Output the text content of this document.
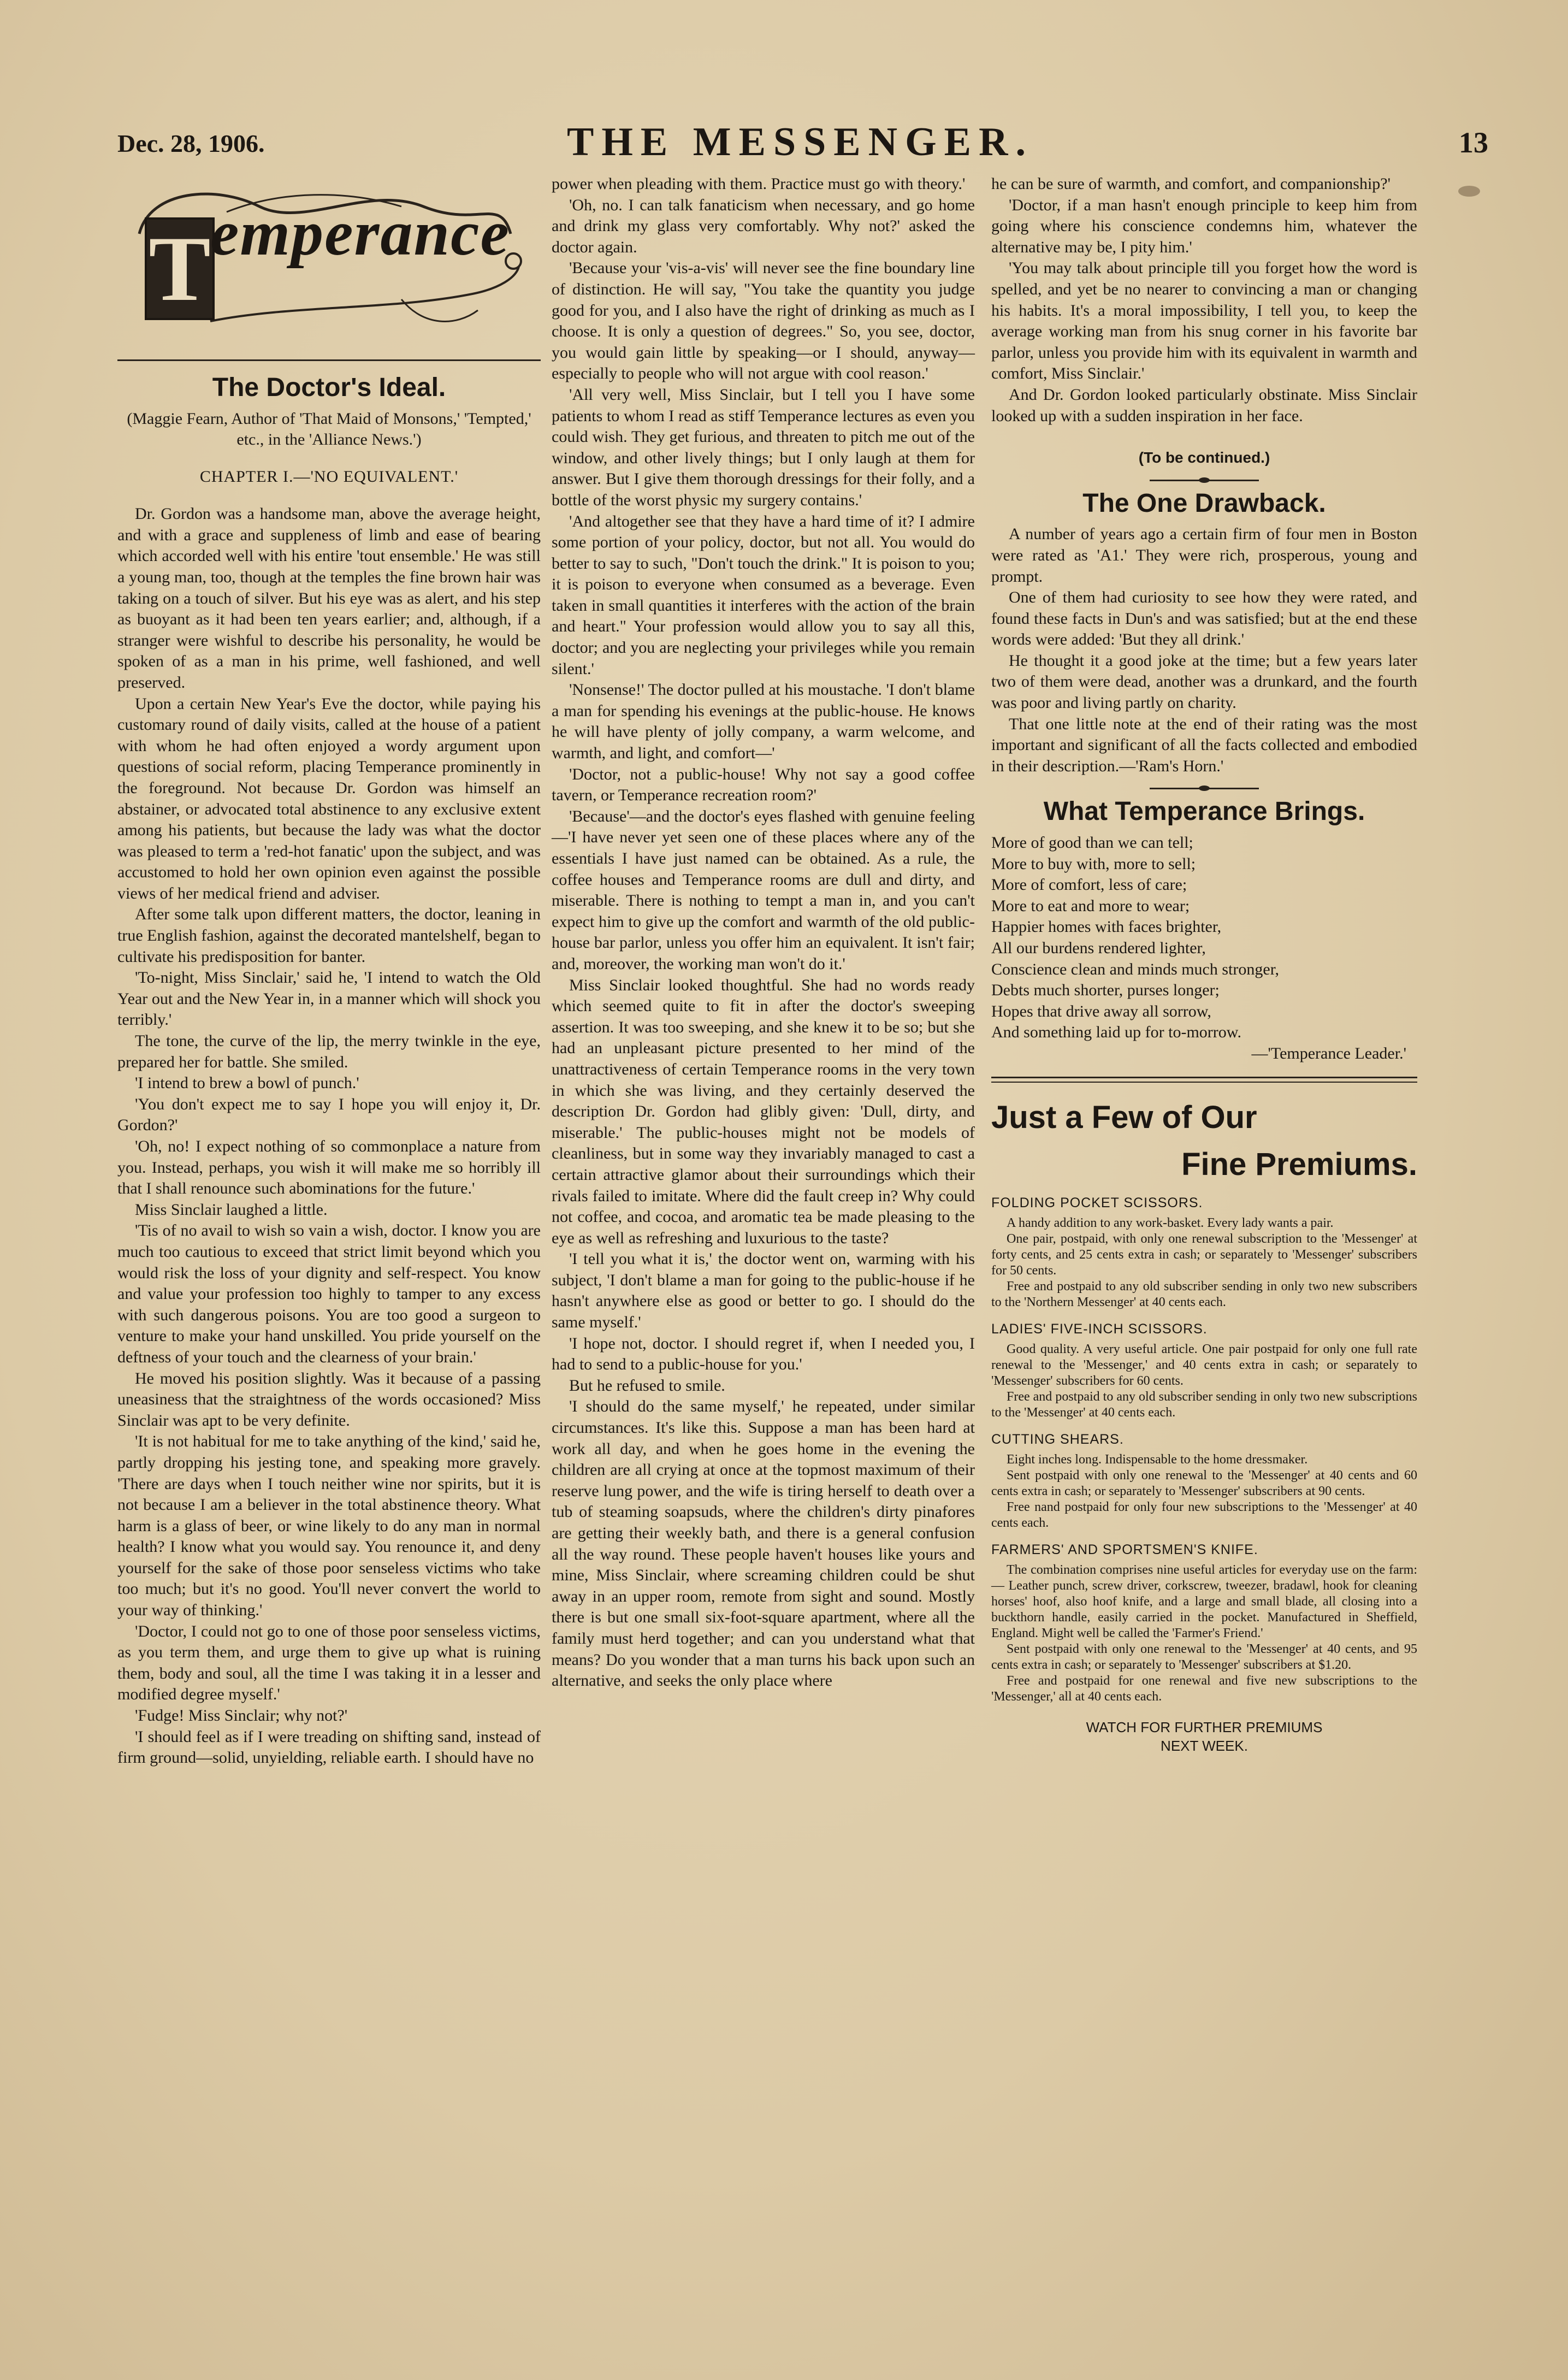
Dec. 28, 1906.	THE MESSENGER.	13
T emperance
The Doctor's Ideal.
(Maggie Fearn, Author of 'That Maid of Monsons,' 'Tempted,' etc., in the 'Alliance News.')
CHAPTER I.—'NO EQUIVALENT.'

Dr. Gordon was a handsome man, above the average height, and with a grace and suppleness of limb and ease of bearing which accorded well with his entire 'tout ensemble.' He was still a young man, too, though at the temples the fine brown hair was taking on a touch of silver. But his eye was as alert, and his step as buoyant as it had been ten years earlier; and, although, if a stranger were wishful to describe his personality, he would be spoken of as a man in his prime, well fashioned, and well preserved.

Upon a certain New Year's Eve the doctor, while paying his customary round of daily visits, called at the house of a patient with whom he had often enjoyed a wordy argument upon questions of social reform, placing Temperance prominently in the foreground. Not because Dr. Gordon was himself an abstainer, or advocated total abstinence to any exclusive extent among his patients, but because the lady was what the doctor was pleased to term a 'red-hot fanatic' upon the subject, and was accustomed to hold her own opinion even against the possible views of her medical friend and adviser.

After some talk upon different matters, the doctor, leaning in true English fashion, against the decorated mantelshelf, began to cultivate his predisposition for banter.

'To-night, Miss Sinclair,' said he, 'I intend to watch the Old Year out and the New Year in, in a manner which will shock you terribly.'

The tone, the curve of the lip, the merry twinkle in the eye, prepared her for battle. She smiled.

'I intend to brew a bowl of punch.'

'You don't expect me to say I hope you will enjoy it, Dr. Gordon?'

'Oh, no! I expect nothing of so commonplace a nature from you. Instead, perhaps, you wish it will make me so horribly ill that I shall renounce such abominations for the future.'

Miss Sinclair laughed a little.

'Tis of no avail to wish so vain a wish, doctor. I know you are much too cautious to exceed that strict limit beyond which you would risk the loss of your dignity and self-respect. You know and value your profession too highly to tamper to any excess with such dangerous poisons. You are too good a surgeon to venture to make your hand unskilled. You pride yourself on the deftness of your touch and the clearness of your brain.'

He moved his position slightly. Was it because of a passing uneasiness that the straightness of the words occasioned? Miss Sinclair was apt to be very definite.

'It is not habitual for me to take anything of the kind,' said he, partly dropping his jesting tone, and speaking more gravely. 'There are days when I touch neither wine nor spirits, but it is not because I am a believer in the total abstinence theory. What harm is a glass of beer, or wine likely to do any man in normal health? I know what you would say. You renounce it, and deny yourself for the sake of those poor senseless victims who take too much; but it's no good. You'll never convert the world to your way of thinking.'

'Doctor, I could not go to one of those poor senseless victims, as you term them, and urge them to give up what is ruining them, body and soul, all the time I was taking it in a lesser and modified degree myself.'

'Fudge! Miss Sinclair; why not?'

'I should feel as if I were treading on shifting sand, instead of firm ground—solid, unyielding, reliable earth. I should have no

power when pleading with them. Practice must go with theory.'

'Oh, no. I can talk fanaticism when necessary, and go home and drink my glass very comfortably. Why not?' asked the doctor again.

'Because your 'vis-a-vis' will never see the fine boundary line of distinction. He will say, "You take the quantity you judge good for you, and I also have the right of drinking as much as I choose. It is only a question of degrees." So, you see, doctor, you would gain little by speaking—or I should, anyway—especially to people who will not argue with cool reason.'

'All very well, Miss Sinclair, but I tell you I have some patients to whom I read as stiff Temperance lectures as even you could wish. They get furious, and threaten to pitch me out of the window, and other lively things; but I only laugh at them for answer. But I give them thorough dressings for their folly, and a bottle of the worst physic my surgery contains.'

'And altogether see that they have a hard time of it? I admire some portion of your policy, doctor, but not all. You would do better to say to such, "Don't touch the drink." It is poison to you; it is poison to everyone when consumed as a beverage. Even taken in small quantities it interferes with the action of the brain and heart." Your profession would allow you to say all this, doctor; and you are neglecting your privileges while you remain silent.'

'Nonsense!' The doctor pulled at his moustache. 'I don't blame a man for spending his evenings at the public-house. He knows he will have plenty of jolly company, a warm welcome, and warmth, and light, and comfort—'

'Doctor, not a public-house! Why not say a good coffee tavern, or Temperance recreation room?'

'Because'—and the doctor's eyes flashed with genuine feeling—'I have never yet seen one of these places where any of the essentials I have just named can be obtained. As a rule, the coffee houses and Temperance rooms are dull and dirty, and miserable. There is nothing to tempt a man in, and you can't expect him to give up the comfort and warmth of the old public-house bar parlor, unless you offer him an equivalent. It isn't fair; and, moreover, the working man won't do it.'

Miss Sinclair looked thoughtful. She had no words ready which seemed quite to fit in after the doctor's sweeping assertion. It was too sweeping, and she knew it to be so; but she had an unpleasant picture presented to her mind of the unattractiveness of certain Temperance rooms in the very town in which she was living, and they certainly deserved the description Dr. Gordon had glibly given: 'Dull, dirty, and miserable.' The public-houses might not be models of cleanliness, but in some way they invariably managed to cast a certain attractive glamor about their surroundings which their rivals failed to imitate. Where did the fault creep in? Why could not coffee, and cocoa, and aromatic tea be made pleasing to the eye as well as refreshing and luxurious to the taste?

'I tell you what it is,' the doctor went on, warming with his subject, 'I don't blame a man for going to the public-house if he hasn't anywhere else as good or better to go. I should do the same myself.'

'I hope not, doctor. I should regret if, when I needed you, I had to send to a public-house for you.'

But he refused to smile.

'I should do the same myself,' he repeated, under similar circumstances. It's like this. Suppose a man has been hard at work all day, and when he goes home in the evening the children are all crying at once at the topmost maximum of their reserve lung power, and the wife is tiring herself to death over a tub of steaming soapsuds, where the children's dirty pinafores are getting their weekly bath, and there is a general confusion all the way round. These people haven't houses like yours and mine, Miss Sinclair, where screaming children could be shut away in an upper room, remote from sight and sound. Mostly there is but one small six-foot-square apartment, where all the family must herd together; and can you understand what that means? Do you wonder that a man turns his back upon such an alternative, and seeks the only place where

he can be sure of warmth, and comfort, and companionship?'

'Doctor, if a man hasn't enough principle to keep him from going where his conscience condemns him, whatever the alternative may be, I pity him.'

'You may talk about principle till you forget how the word is spelled, and yet be no nearer to convincing a man or changing his habits. It's a moral impossibility, I tell you, to keep the average working man from his snug corner in his favorite bar parlor, unless you provide him with its equivalent in warmth and comfort, Miss Sinclair.'

And Dr. Gordon looked particularly obstinate. Miss Sinclair looked up with a sudden inspiration in her face.

(To be continued.)
The One Drawback.

A number of years ago a certain firm of four men in Boston were rated as 'A1.' They were rich, prosperous, young and prompt.

One of them had curiosity to see how they were rated, and found these facts in Dun's and was satisfied; but at the end these words were added: 'But they all drink.'

He thought it a good joke at the time; but a few years later two of them were dead, another was a drunkard, and the fourth was poor and living partly on charity.

That one little note at the end of their rating was the most important and significant of all the facts collected and embodied in their description.—'Ram's Horn.'

What Temperance Brings.
More of good than we can tell;
More to buy with, more to sell;
More of comfort, less of care;
More to eat and more to wear;
Happier homes with faces brighter,
All our burdens rendered lighter,
Conscience clean and minds much stronger,
Debts much shorter, purses longer;
Hopes that drive away all sorrow,
And something laid up for to-morrow.
—'Temperance Leader.'
Just a Few of Our
Fine Premiums.
FOLDING POCKET SCISSORS.

A handy addition to any work-basket. Every lady wants a pair.

One pair, postpaid, with only one renewal subscription to the 'Messenger' at forty cents, and 25 cents extra in cash; or separately to 'Messenger' subscribers for 50 cents.

Free and postpaid to any old subscriber sending in only two new subscribers to the 'Northern Messenger' at 40 cents each.

LADIES' FIVE-INCH SCISSORS.

Good quality. A very useful article. One pair postpaid for only one full rate renewal to the 'Messenger,' and 40 cents extra in cash; or separately to 'Messenger' subscribers for 60 cents.

Free and postpaid to any old subscriber sending in only two new subscriptions to the 'Messenger' at 40 cents each.

CUTTING SHEARS.

Eight inches long. Indispensable to the home dressmaker.

Sent postpaid with only one renewal to the 'Messenger' at 40 cents and 60 cents extra in cash; or separately to 'Messenger' subscribers at 90 cents.

Free nand postpaid for only four new subscriptions to the 'Messenger' at 40 cents each.

FARMERS' AND SPORTSMEN'S KNIFE.

The combination comprises nine useful articles for everyday use on the farm: — Leather punch, screw driver, corkscrew, tweezer, bradawl, hook for cleaning horses' hoof, also hoof knife, and a large and small blade, all closing into a buckthorn handle, easily carried in the pocket. Manufactured in Sheffield, England. Might well be called the 'Farmer's Friend.'

Sent postpaid with only one renewal to the 'Messenger' at 40 cents, and 95 cents extra in cash; or separately to 'Messenger' subscribers at $1.20.

Free and postpaid for one renewal and five new subscriptions to the 'Messenger,' all at 40 cents each.

WATCH FOR FURTHER PREMIUMS
NEXT WEEK.
